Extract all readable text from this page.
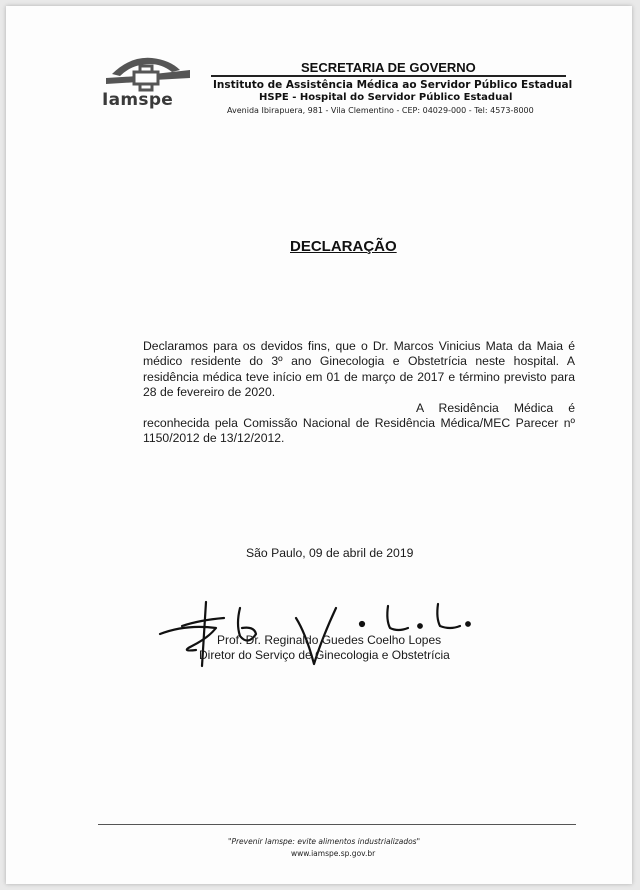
Iamspe
SECRETARIA DE GOVERNO
Instituto de Assistência Médica ao Servidor Público Estadual
HSPE - Hospital do Servidor Público Estadual
Avenida Ibirapuera, 981 - Vila Clementino - CEP: 04029-000 - Tel: 4573-8000
DECLARAÇÃO

Declaramos para os devidos fins, que o Dr. Marcos Vinicius Mata da Maia é médico residente do 3º ano Ginecologia e Obstetrícia neste hospital. A residência médica teve início em 01 de março de 2017 e término previsto para 28 de fevereiro de 2020.

A Residência Médica é reconhecida pela Comissão Nacional de Residência Médica/MEC Parecer nº 1150/2012 de 13/12/2012.

São Paulo, 09 de abril de 2019
Prof. Dr. Reginaldo Guedes Coelho Lopes
Diretor do Serviço de Ginecologia e Obstetrícia
"Prevenir Iamspe: evite alimentos industrializados"
www.iamspe.sp.gov.br
